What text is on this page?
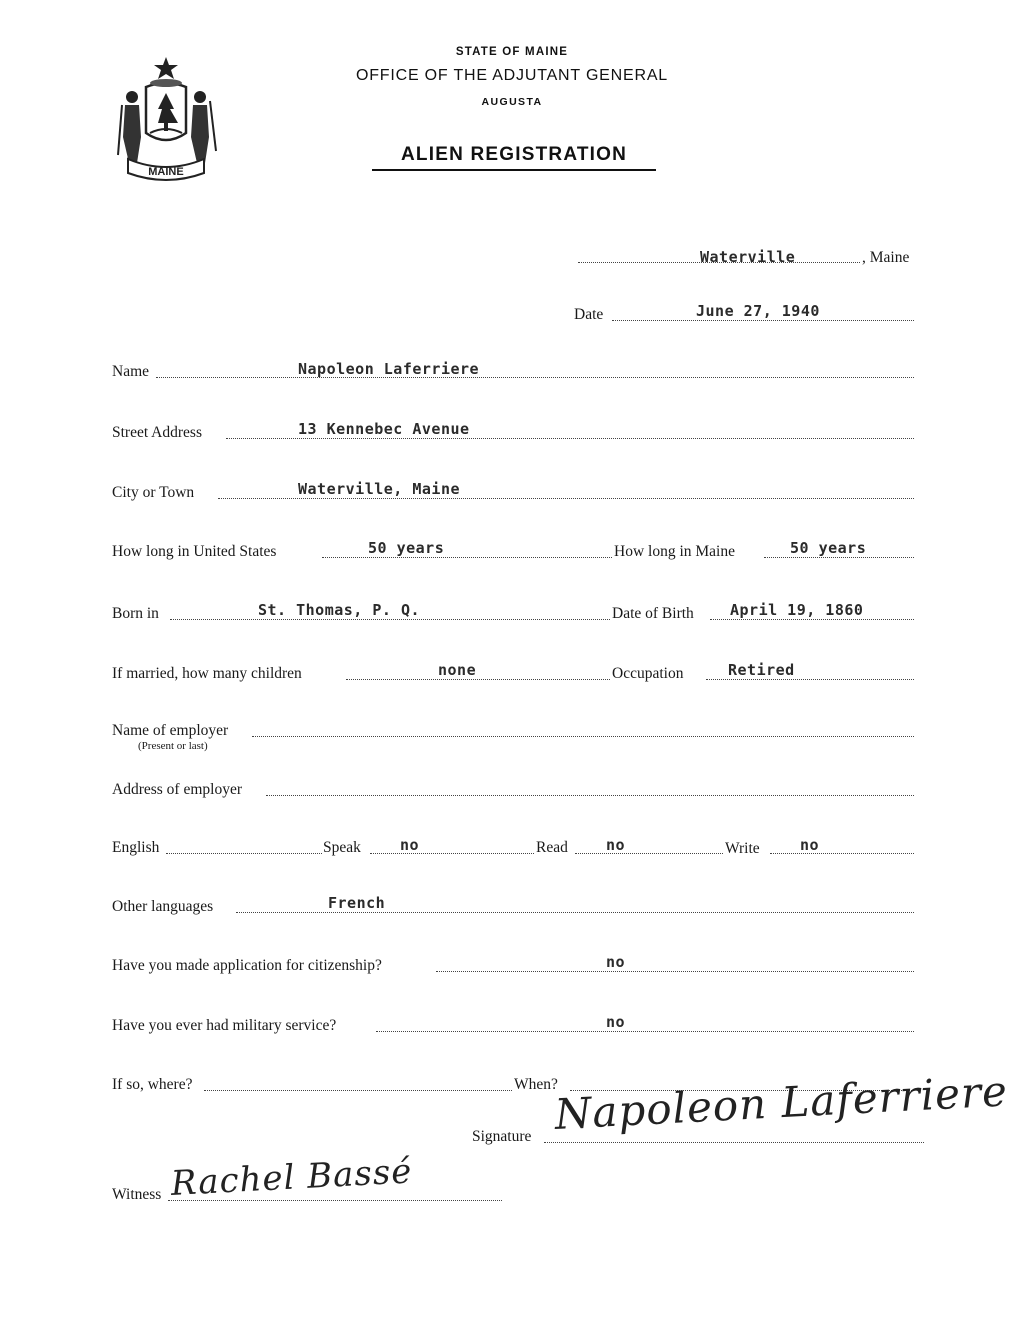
MAINE
STATE OF MAINE
OFFICE OF THE ADJUTANT GENERAL
AUGUSTA
ALIEN REGISTRATION
Waterville	, Maine
Date	June 27, 1940
Name	Napoleon Laferriere
Street Address	13 Kennebec Avenue
City or Town	Waterville, Maine
How long in United States	50 years	How long in Maine	50 years
Born in	St. Thomas, P. Q.	Date of Birth April 19, 1860
If married, how many children	none	Occupation	Retired
Name of employer
(Present or last)
Address of employer
English	Speak	no	Read	no	Write	no
Other languages	French
Have you made application for citizenship?	no
Have you ever had military service?	no
If so, where?	When?
Signature Napoleon Laferriere
Witness Rachel Bassé
